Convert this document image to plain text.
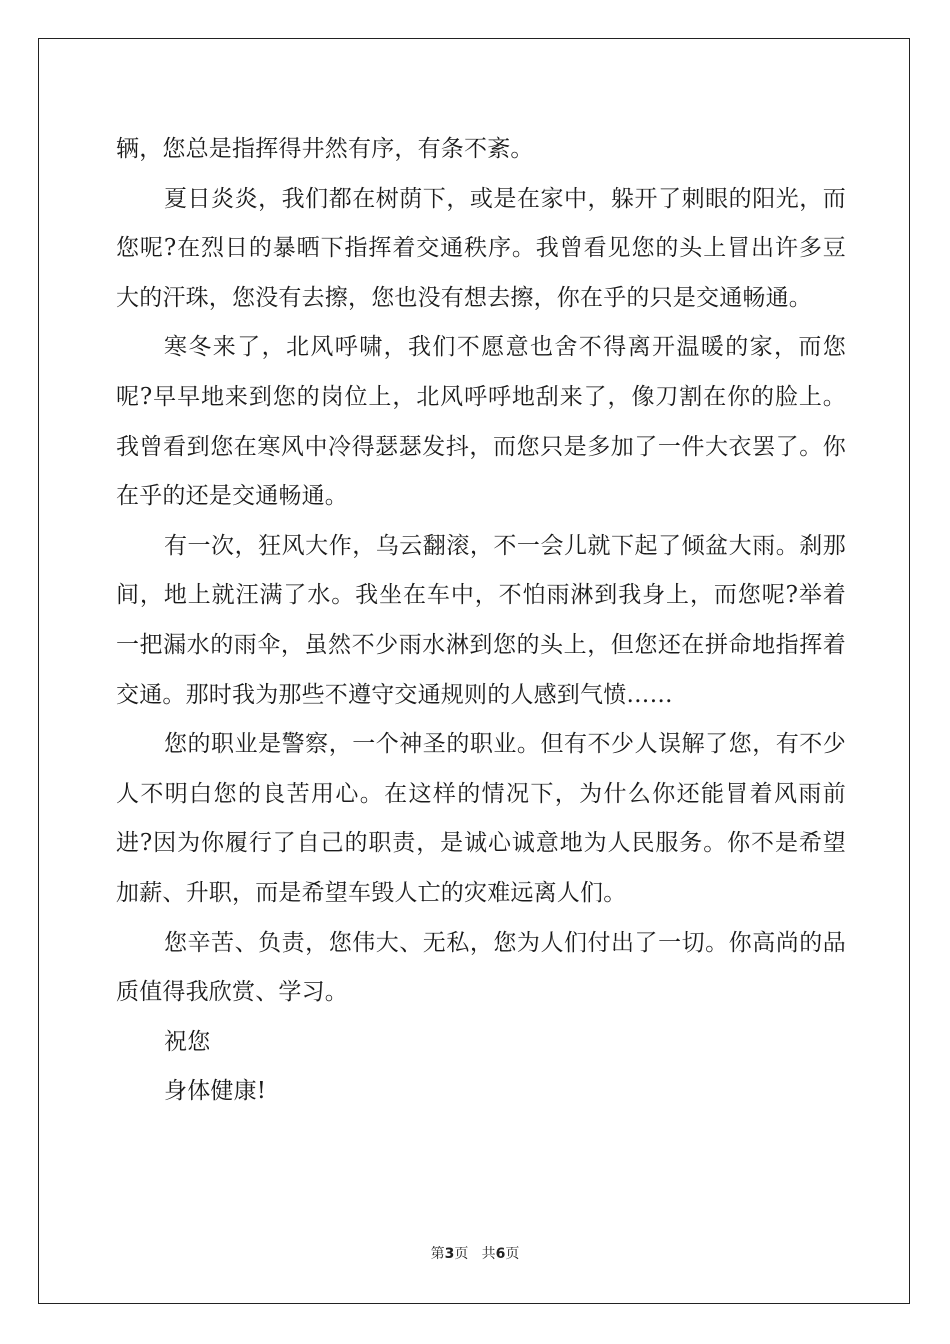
辆，您总是指挥得井然有序，有条不紊。

夏日炎炎，我们都在树荫下，或是在家中，躲开了刺眼的阳光，而您呢?在烈日的暴晒下指挥着交通秩序。我曾看见您的头上冒出许多豆大的汗珠，您没有去擦，您也没有想去擦，你在乎的只是交通畅通。

寒冬来了，北风呼啸，我们不愿意也舍不得离开温暖的家，而您呢?早早地来到您的岗位上，北风呼呼地刮来了，像刀割在你的脸上。我曾看到您在寒风中冷得瑟瑟发抖，而您只是多加了一件大衣罢了。你在乎的还是交通畅通。

有一次，狂风大作，乌云翻滚，不一会儿就下起了倾盆大雨。刹那间，地上就汪满了水。我坐在车中，不怕雨淋到我身上，而您呢?举着一把漏水的雨伞，虽然不少雨水淋到您的头上，但您还在拼命地指挥着交通。那时我为那些不遵守交通规则的人感到气愤……

您的职业是警察，一个神圣的职业。但有不少人误解了您，有不少人不明白您的良苦用心。在这样的情况下，为什么你还能冒着风雨前进?因为你履行了自己的职责，是诚心诚意地为人民服务。你不是希望加薪、升职，而是希望车毁人亡的灾难远离人们。

您辛苦、负责，您伟大、无私，您为人们付出了一切。你高尚的品质值得我欣赏、学习。

祝您

身体健康!

第3页 共6页
